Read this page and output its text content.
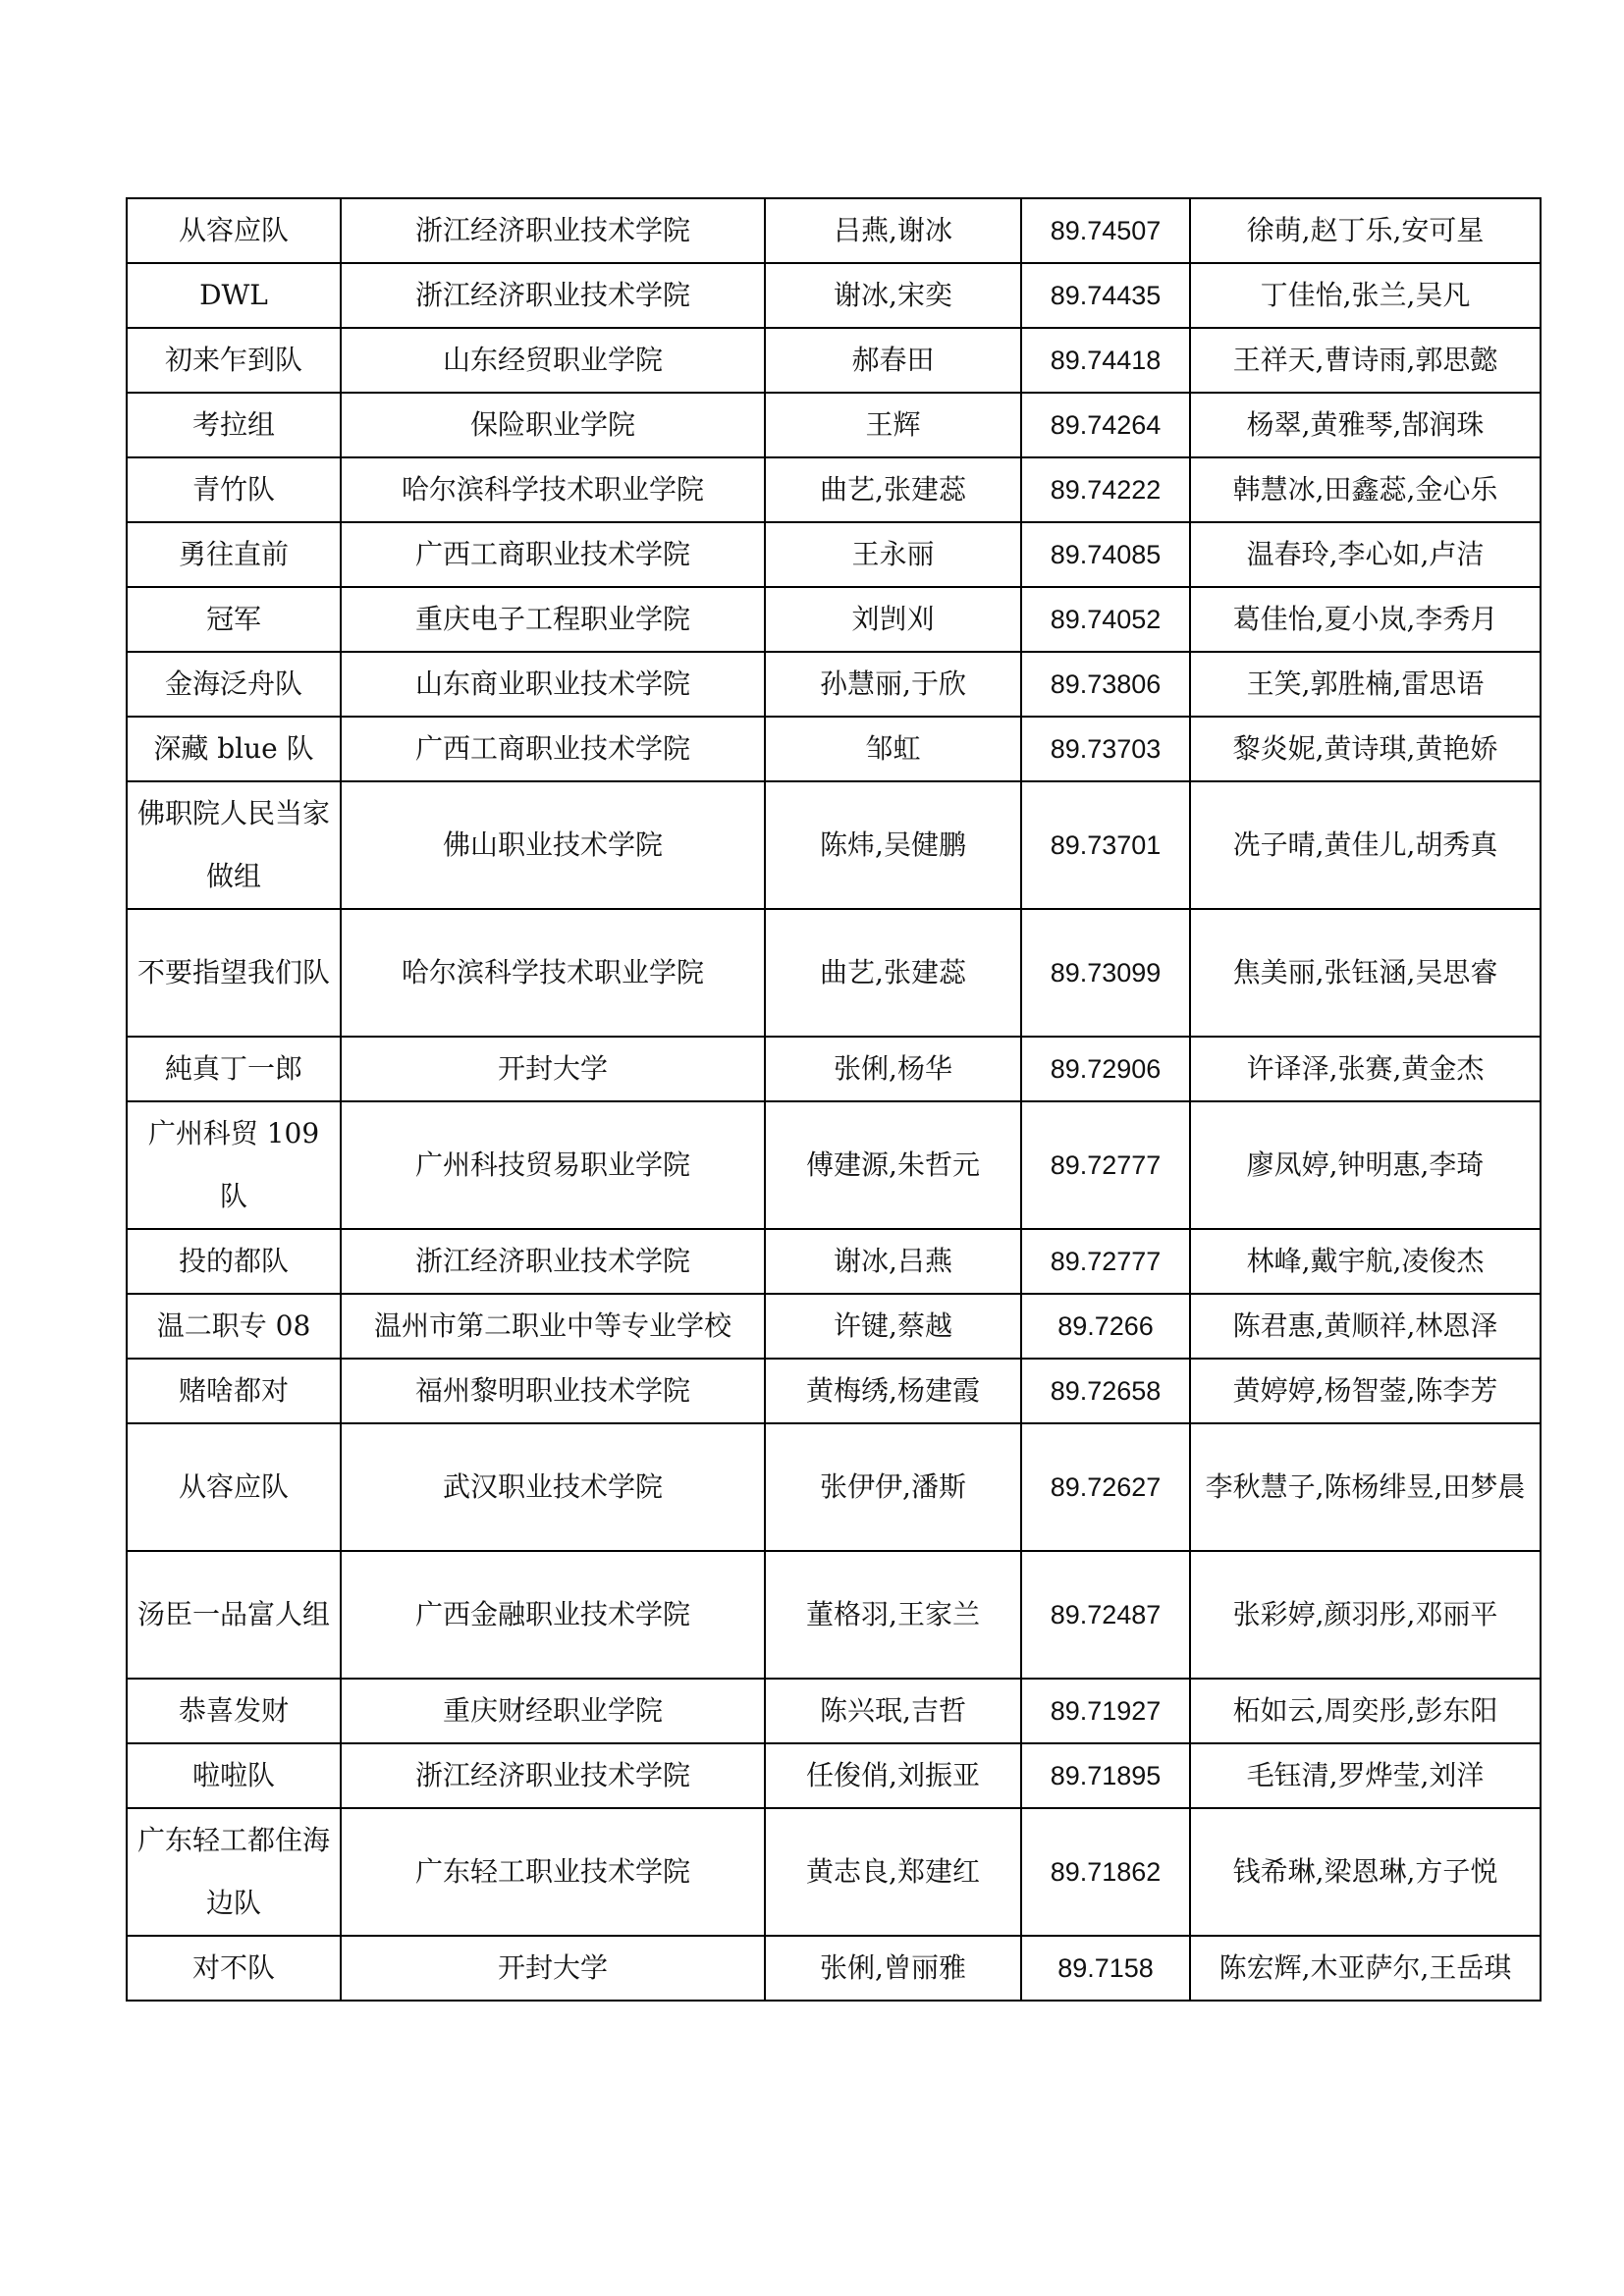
从容应队	浙江经济职业技术学院	吕燕,谢冰	89.74507	徐萌,赵丁乐,安可星
DWL	浙江经济职业技术学院	谢冰,宋奕	89.74435	丁佳怡,张兰,吴凡
初来乍到队	山东经贸职业学院	郝春田	89.74418	王祥天,曹诗雨,郭思懿
考拉组	保险职业学院	王辉	89.74264	杨翠,黄雅琴,郜润珠
青竹队	哈尔滨科学技术职业学院	曲艺,张建蕊	89.74222	韩慧冰,田鑫蕊,金心乐
勇往直前	广西工商职业技术学院	王永丽	89.74085	温春玲,李心如,卢洁
冠军	重庆电子工程职业学院	刘剀刈	89.74052	葛佳怡,夏小岚,李秀月
金海泛舟队	山东商业职业技术学院	孙慧丽,于欣	89.73806	王笑,郭胜楠,雷思语
深藏 blue 队	广西工商职业技术学院	邹虹	89.73703	黎炎妮,黄诗琪,黄艳娇
佛职院人民当家做组	佛山职业技术学院	陈炜,吴健鹏	89.73701	冼子晴,黄佳儿,胡秀真
不要指望我们队	哈尔滨科学技术职业学院	曲艺,张建蕊	89.73099	焦美丽,张钰涵,吴思睿
純真丁一郎	开封大学	张俐,杨华	89.72906	许译泽,张赛,黄金杰
广州科贸 109 队	广州科技贸易职业学院	傅建源,朱哲元	89.72777	廖凤婷,钟明惠,李琦
投的都队	浙江经济职业技术学院	谢冰,吕燕	89.72777	林峰,戴宇航,凌俊杰
温二职专 08	温州市第二职业中等专业学校	许键,蔡越	89.7266	陈君惠,黄顺祥,林恩泽
赌啥都对	福州黎明职业技术学院	黄梅绣,杨建霞	89.72658	黄婷婷,杨智蓥,陈李芳
从容应队	武汉职业技术学院	张伊伊,潘斯	89.72627	李秋慧子,陈杨绯昱,田梦晨
汤臣一品富人组	广西金融职业技术学院	董格羽,王家兰	89.72487	张彩婷,颜羽彤,邓丽平
恭喜发财	重庆财经职业学院	陈兴珉,吉哲	89.71927	柘如云,周奕彤,彭东阳
啦啦队	浙江经济职业技术学院	任俊俏,刘振亚	89.71895	毛钰清,罗烨莹,刘洋
广东轻工都住海边队	广东轻工职业技术学院	黄志良,郑建红	89.71862	钱希琳,梁恩琳,方子悦
对不队	开封大学	张俐,曾丽雅	89.7158	陈宏辉,木亚萨尔,王岳琪
